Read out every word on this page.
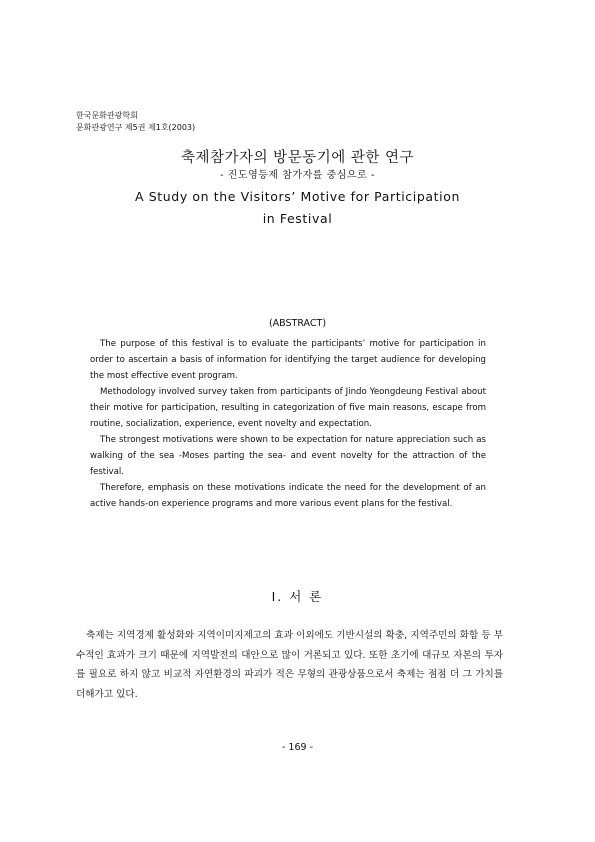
한국문화관광학회
문화관광연구 제5권 제1호(2003)
축제참가자의 방문동기에 관한 연구
- 진도영등제 참가자를 중심으로 -
A Study on the Visitors’ Motive for Participation
in Festival
(ABSTRACT)

The purpose of this festival is to evaluate the participants’ motive for participation in order to ascertain a basis of information for identifying the target audience for developing the most effective event program.

Methodology involved survey taken from participants of Jindo Yeongdeung Festival about their motive for participation, resulting in categorization of five main reasons, escape from routine, socialization, experience, event novelty and expectation.

The strongest motivations were shown to be expectation for nature appreciation such as walking of the sea -Moses parting the sea- and event novelty for the attraction of the festival.

Therefore, emphasis on these motivations indicate the need for the development of an active hands-on experience programs and more various event plans for the festival.

Ⅰ. 서 론

축제는 지역경제 활성화와 지역이미지제고의 효과 이외에도 기반시설의 확충, 지역주민의 화합 등 부수적인 효과가 크기 때문에 지역발전의 대안으로 많이 거론되고 있다. 또한 초기에 대규모 자본의 투자를 필요로 하지 않고 비교적 자연환경의 파괴가 적은 무형의 관광상품으로서 축제는 점점 더 그 가치를 더해가고 있다.

- 169 -
